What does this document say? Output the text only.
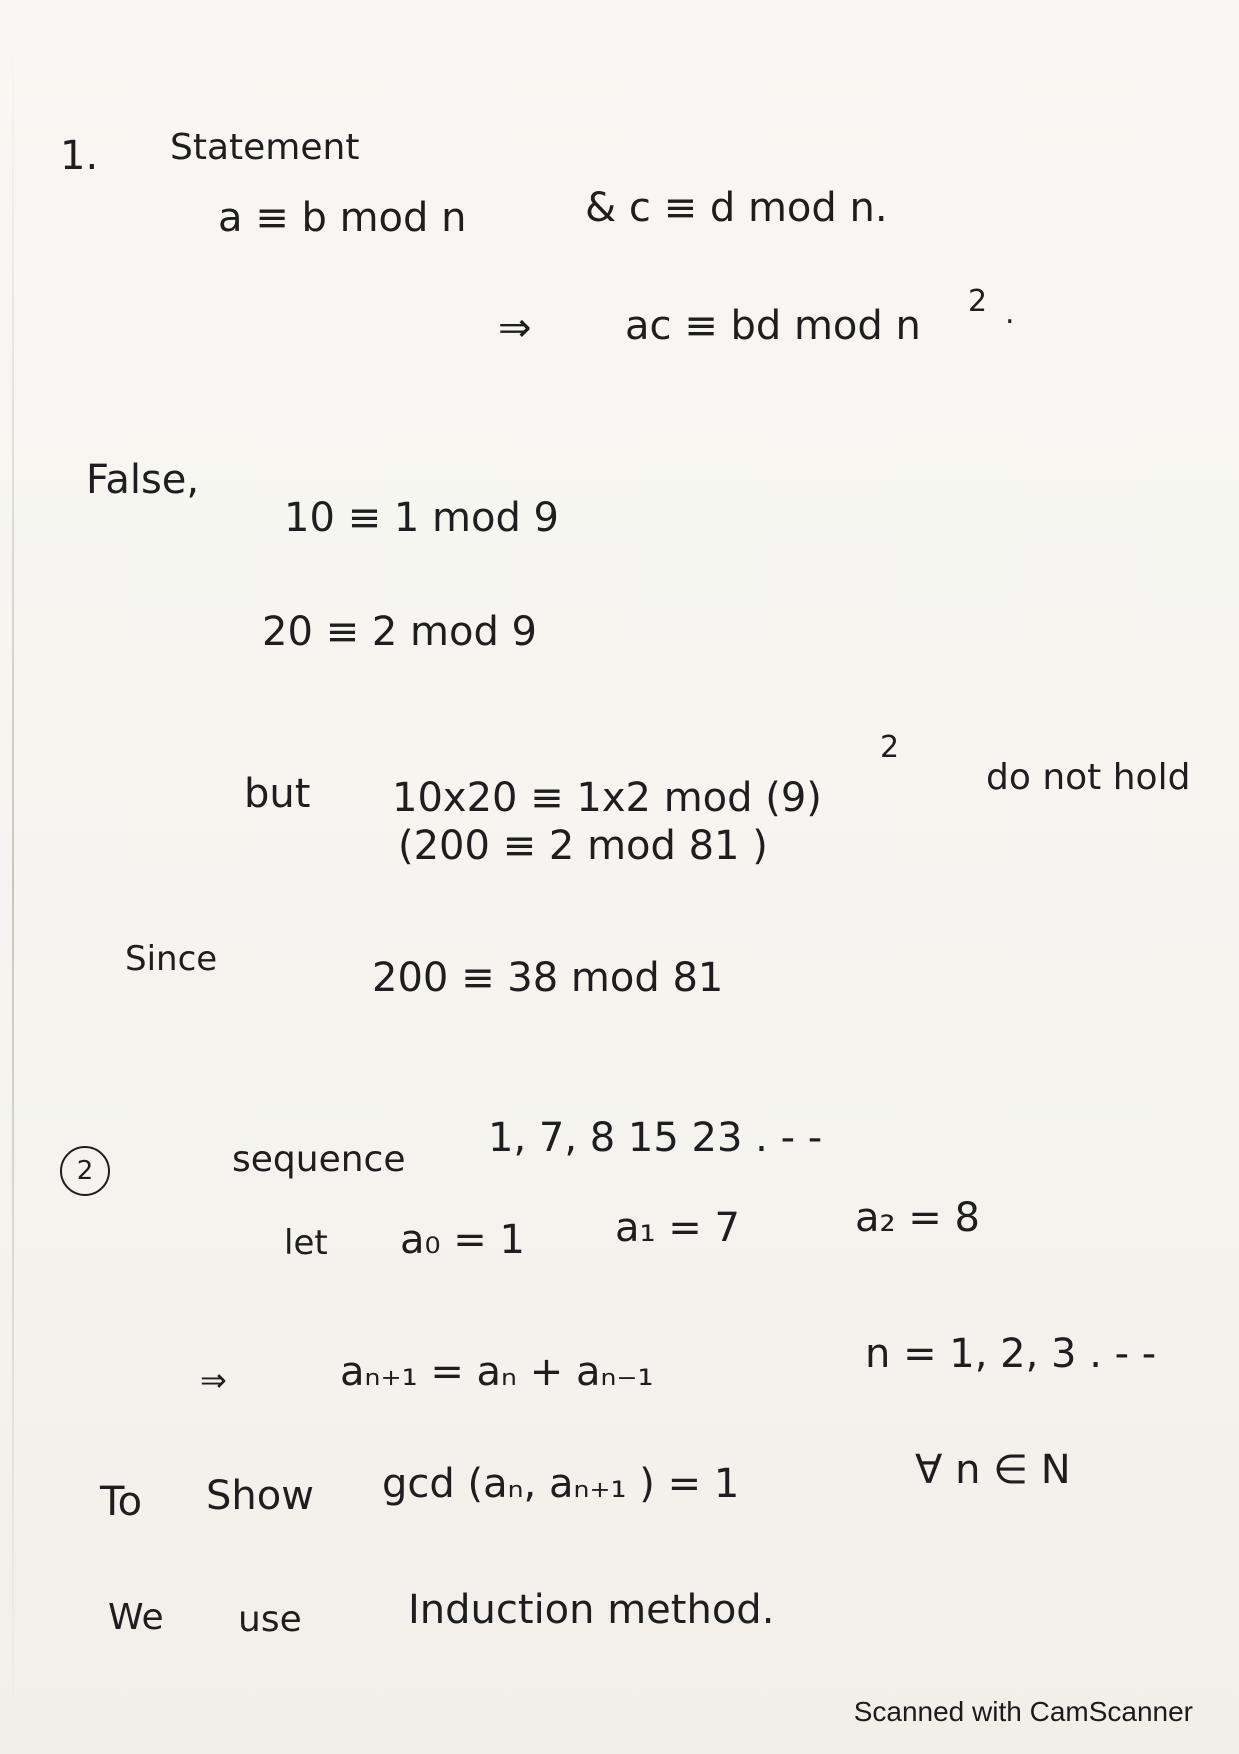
1. Statement
a ≡ b mod n	& c ≡ d mod n.
⇒ ac ≡ bd mod n
2 .
False,
10 ≡ 1 mod 9
20 ≡ 2 mod 9
but 10x20 ≡ 1x2 mod (9)
2
do not hold
(200 ≡ 2 mod 81 )
Since	200 ≡ 38 mod 81
2	sequence 1, 7, 8 15 23 . - -
let a₀ = 1 a₁ = 7	a₂ = 8
⇒	aₙ₊₁ = aₙ + aₙ₋₁	n = 1, 2, 3 . - -
To Show gcd (aₙ, aₙ₊₁ ) = 1	∀ n ∈ N
We use	Induction method.
Scanned with CamScanner
